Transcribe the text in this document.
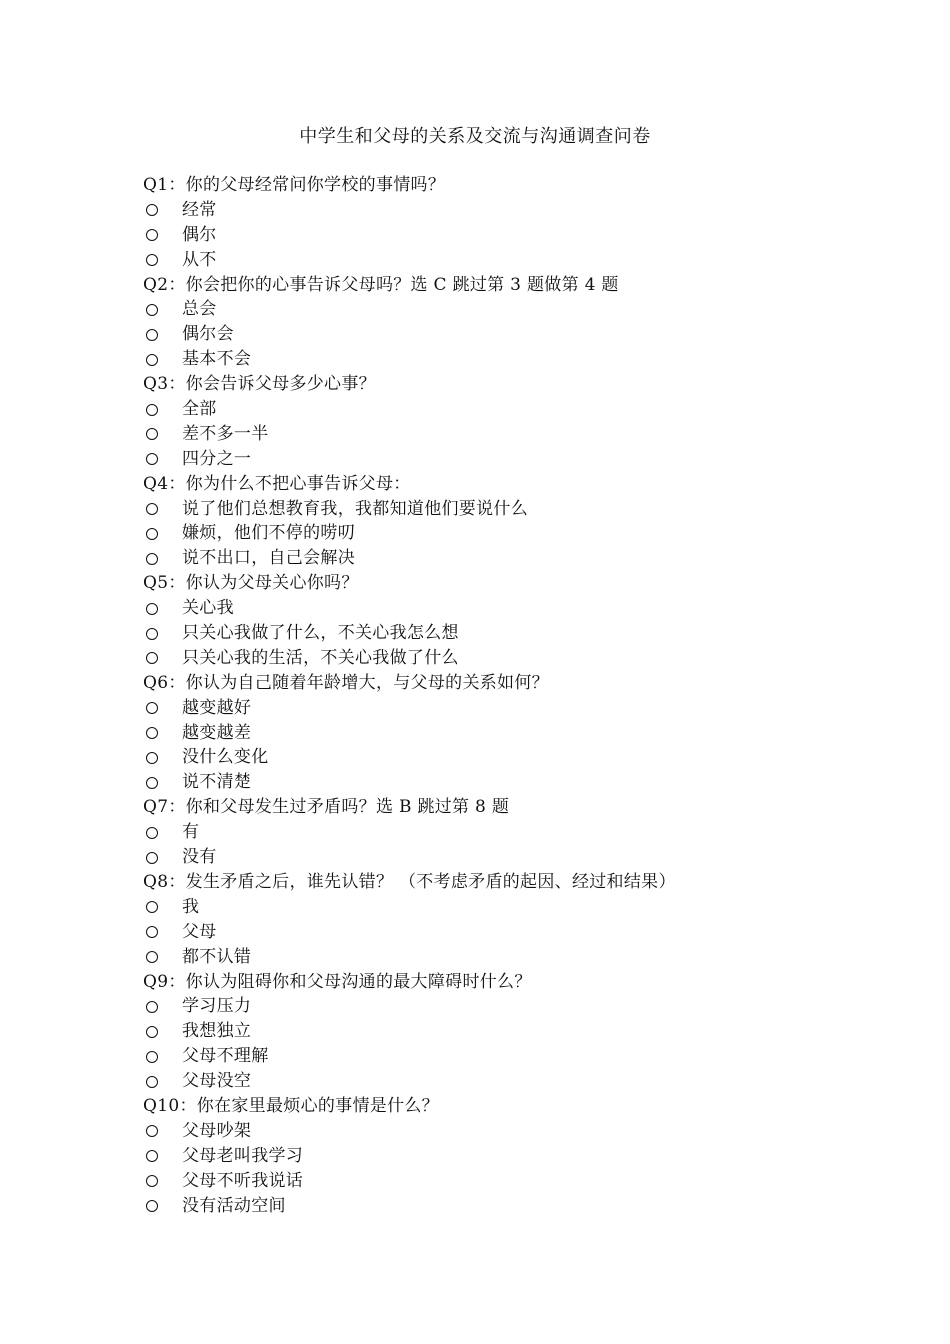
中学生和父母的关系及交流与沟通调查问卷
Q1：你的父母经常问你学校的事情吗？
经常
偶尔
从不
Q2：你会把你的心事告诉父母吗？选 C 跳过第 3 题做第 4 题
总会
偶尔会
基本不会
Q3：你会告诉父母多少心事？
全部
差不多一半
四分之一
Q4：你为什么不把心事告诉父母：
说了他们总想教育我，我都知道他们要说什么
嫌烦，他们不停的唠叨
说不出口，自己会解决
Q5：你认为父母关心你吗？
关心我
只关心我做了什么，不关心我怎么想
只关心我的生活，不关心我做了什么
Q6：你认为自己随着年龄增大，与父母的关系如何？
越变越好
越变越差
没什么变化
说不清楚
Q7：你和父母发生过矛盾吗？选 B 跳过第 8 题
有
没有
Q8：发生矛盾之后，谁先认错？ （不考虑矛盾的起因、经过和结果）
我
父母
都不认错
Q9：你认为阻碍你和父母沟通的最大障碍时什么？
学习压力
我想独立
父母不理解
父母没空
Q10：你在家里最烦心的事情是什么？
父母吵架
父母老叫我学习
父母不听我说话
没有活动空间
